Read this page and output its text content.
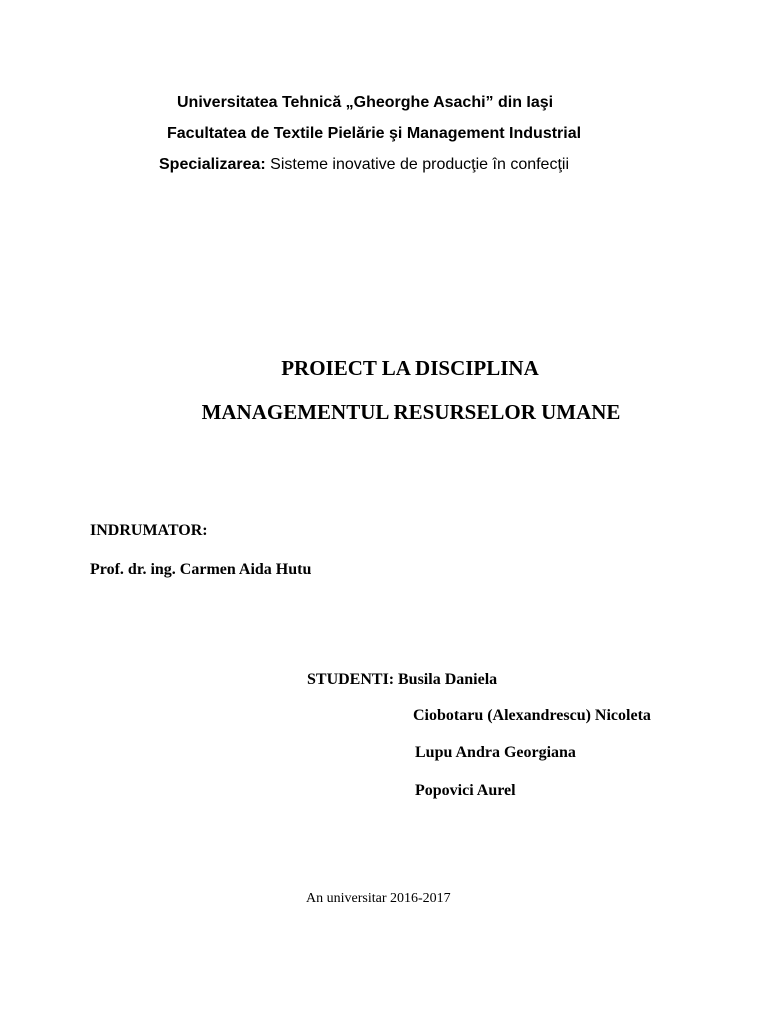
Universitatea Tehnică „Gheorghe Asachi” din Iaşi
Facultatea de Textile Pielărie şi Management Industrial
Specializarea: Sisteme inovative de producţie în confecţii
PROIECT LA DISCIPLINA
MANAGEMENTUL RESURSELOR UMANE
INDRUMATOR:
Prof. dr. ing. Carmen Aida Hutu
STUDENTI: Busila Daniela
Ciobotaru (Alexandrescu) Nicoleta
Lupu Andra Georgiana
Popovici Aurel
An universitar 2016-2017
